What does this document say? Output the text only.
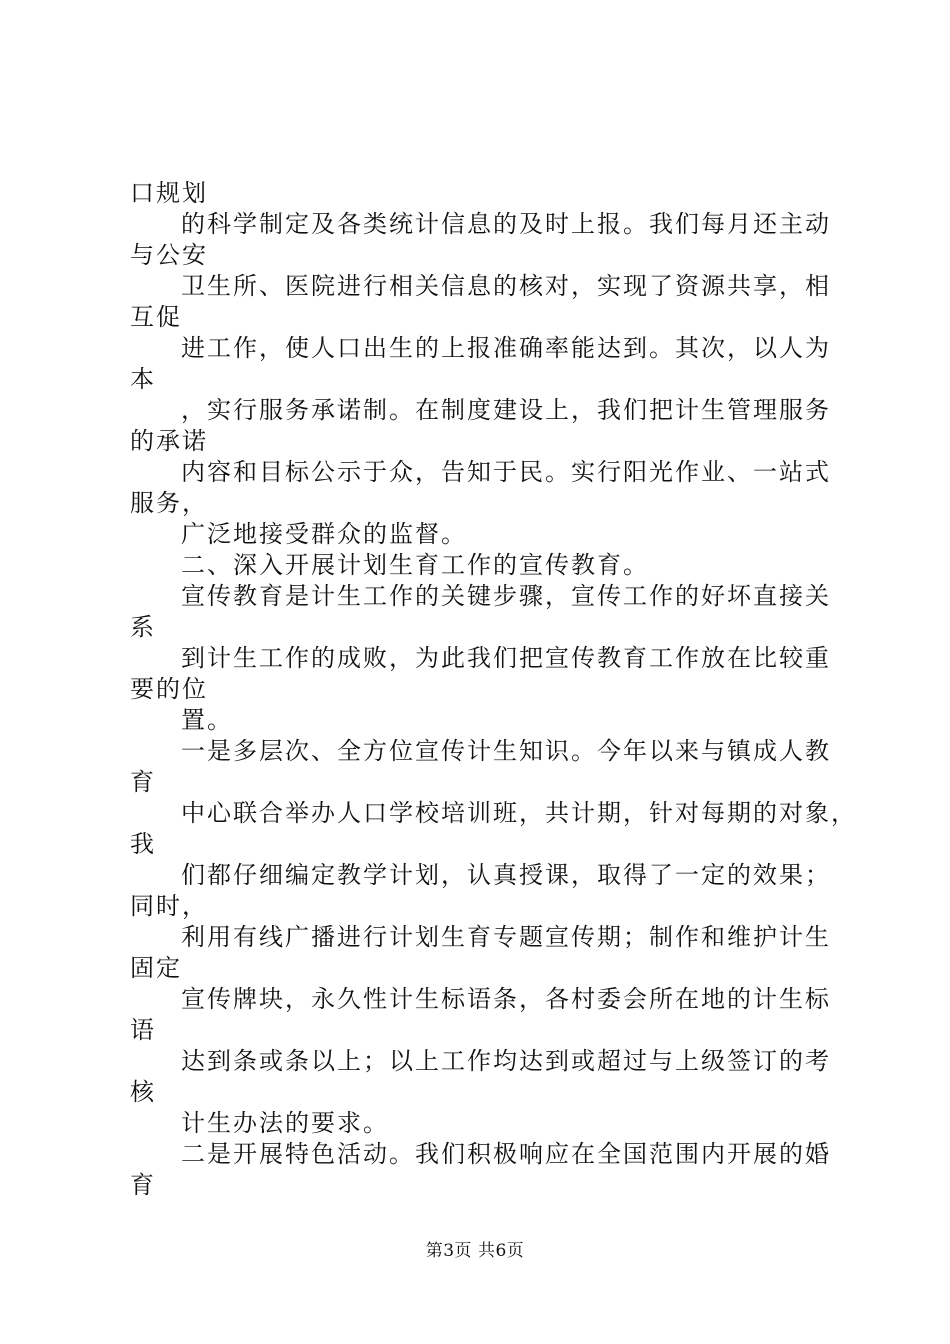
口规划
的科学制定及各类统计信息的及时上报。我们每月还主动
与公安
卫生所、医院进行相关信息的核对，实现了资源共享，相
互促
进工作，使人口出生的上报准确率能达到。其次，以人为
本
，实行服务承诺制。在制度建设上，我们把计生管理服务
的承诺
内容和目标公示于众，告知于民。实行阳光作业、一站式
服务，
广泛地接受群众的监督。
二、深入开展计划生育工作的宣传教育。
宣传教育是计生工作的关键步骤，宣传工作的好坏直接关
系
到计生工作的成败，为此我们把宣传教育工作放在比较重
要的位
置。
一是多层次、全方位宣传计生知识。今年以来与镇成人教
育
中心联合举办人口学校培训班，共计期，针对每期的对象，
我
们都仔细编定教学计划，认真授课，取得了一定的效果；
同时，
利用有线广播进行计划生育专题宣传期；制作和维护计生
固定
宣传牌块，永久性计生标语条，各村委会所在地的计生标
语
达到条或条以上；以上工作均达到或超过与上级签订的考
核
计生办法的要求。
二是开展特色活动。我们积极响应在全国范围内开展的婚
育
第3页 共6页
